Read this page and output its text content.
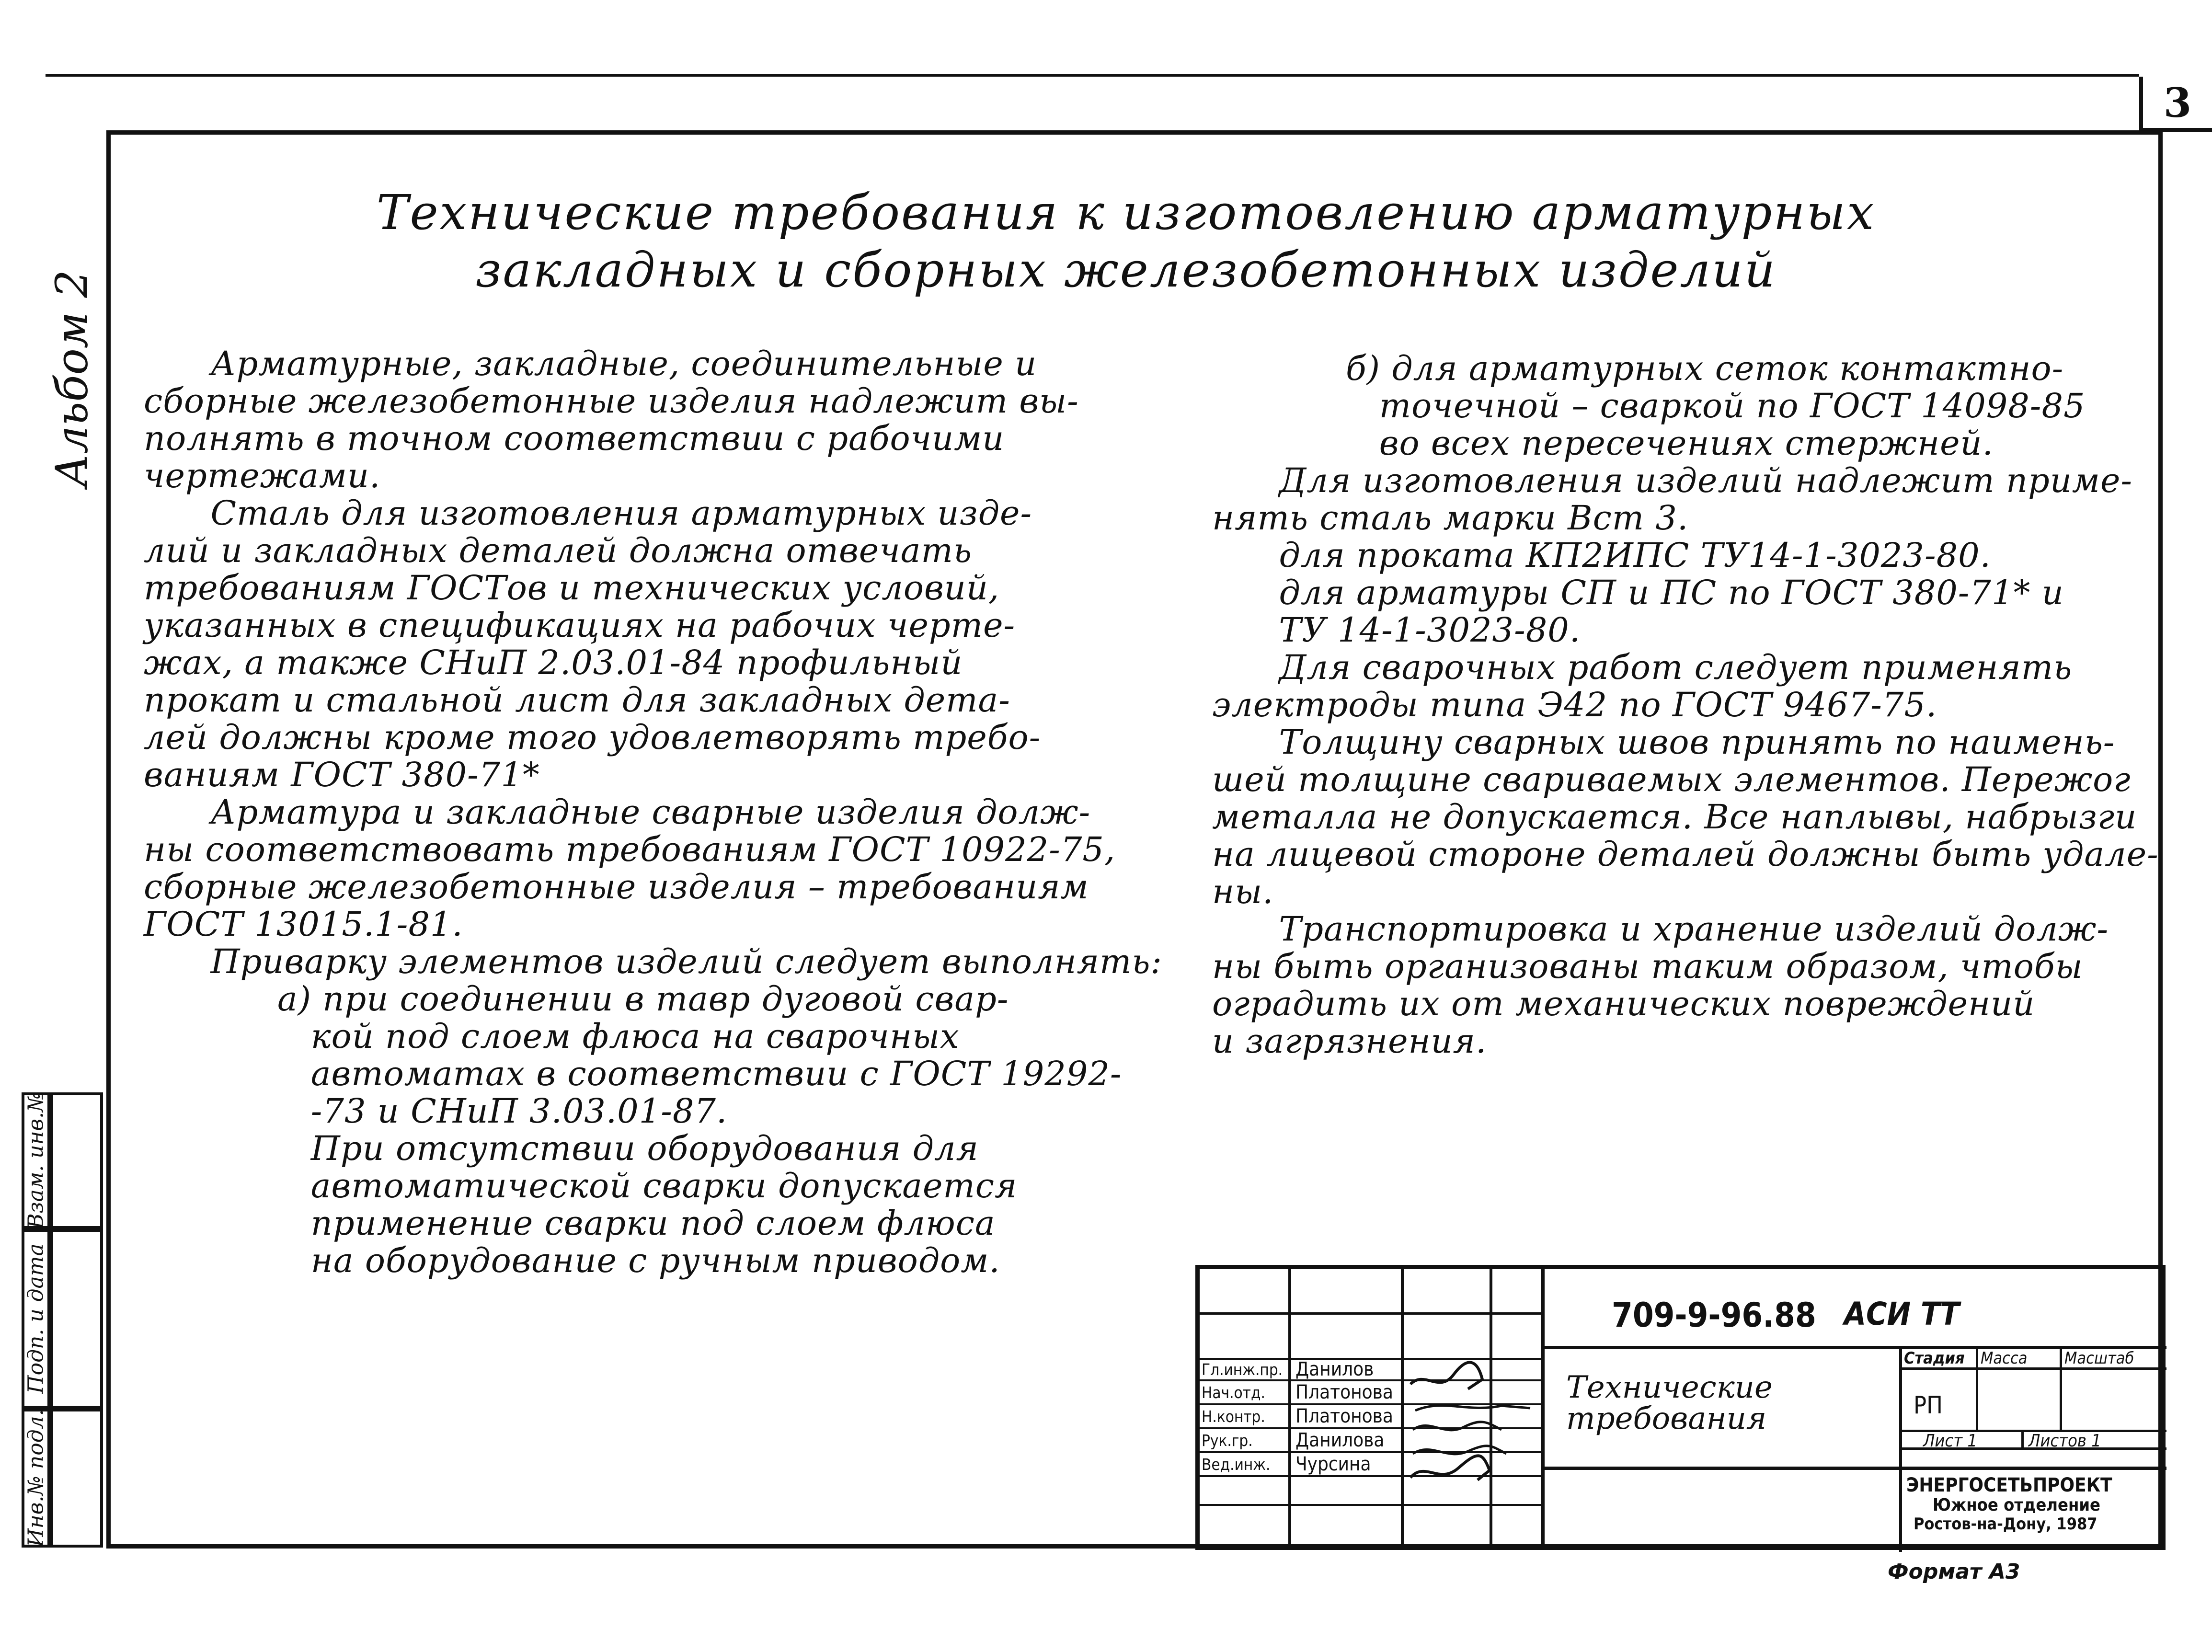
3
Альбом 2
Технические требования к изготовлению арматурных
закладных и сборных железобетонных изделий
Арматурные, закладные, соединительные и
сборные железобетонные изделия надлежит вы-
полнять в точном соответствии с рабочими
чертежами.
Сталь для изготовления арматурных изде-
лий и закладных деталей должна отвечать
требованиям ГОСТов и технических условий,
указанных в спецификациях на рабочих черте-
жах, а также СНиП 2.03.01-84 профильный
прокат и стальной лист для закладных дета-
лей должны кроме того удовлетворять требо-
ваниям ГОСТ 380-71*
Арматура и закладные сварные изделия долж-
ны соответствовать требованиям ГОСТ 10922-75,
сборные железобетонные изделия – требованиям
ГОСТ 13015.1-81.
Приварку элементов изделий следует выполнять:
а) при соединении в тавр дуговой свар-
кой под слоем флюса на сварочных
автоматах в соответствии с ГОСТ 19292-
-73 и СНиП 3.03.01-87.
При отсутствии оборудования для
автоматической сварки допускается
применение сварки под слоем флюса
на оборудование с ручным приводом.
б) для арматурных сеток контактно-
точечной – сваркой по ГОСТ 14098-85
во всех пересечениях стержней.
Для изготовления изделий надлежит приме-
нять сталь марки Вст 3.
для проката КП2ИПС ТУ14-1-3023-80.
для арматуры СП и ПС по ГОСТ 380-71* и
ТУ 14-1-3023-80.
Для сварочных работ следует применять
электроды типа Э42 по ГОСТ 9467-75.
Толщину сварных швов принять по наимень-
шей толщине свариваемых элементов. Пережог
металла не допускается. Все наплывы, набрызги
на лицевой стороне деталей должны быть удале-
ны.
Транспортировка и хранение изделий долж-
ны быть организованы таким образом, чтобы
оградить их от механических повреждений
и загрязнения.
Взам. инв.№
Подп. и дата
Инв.№ подл.
709-9-96.88 АСИ ТТ
Технические
требования
Стадия Масса Масштаб
РП
Лист 1	Листов 1
ЭНЕРГОСЕТЬПРОЕКТ
Южное отделение
Ростов-на-Дону, 1987
Гл.инж.пр. Данилов
Нач.отд. Платонова
Н.контр. Платонова
Рук.гр. Данилова
Вед.инж. Чурсина
Формат А3
